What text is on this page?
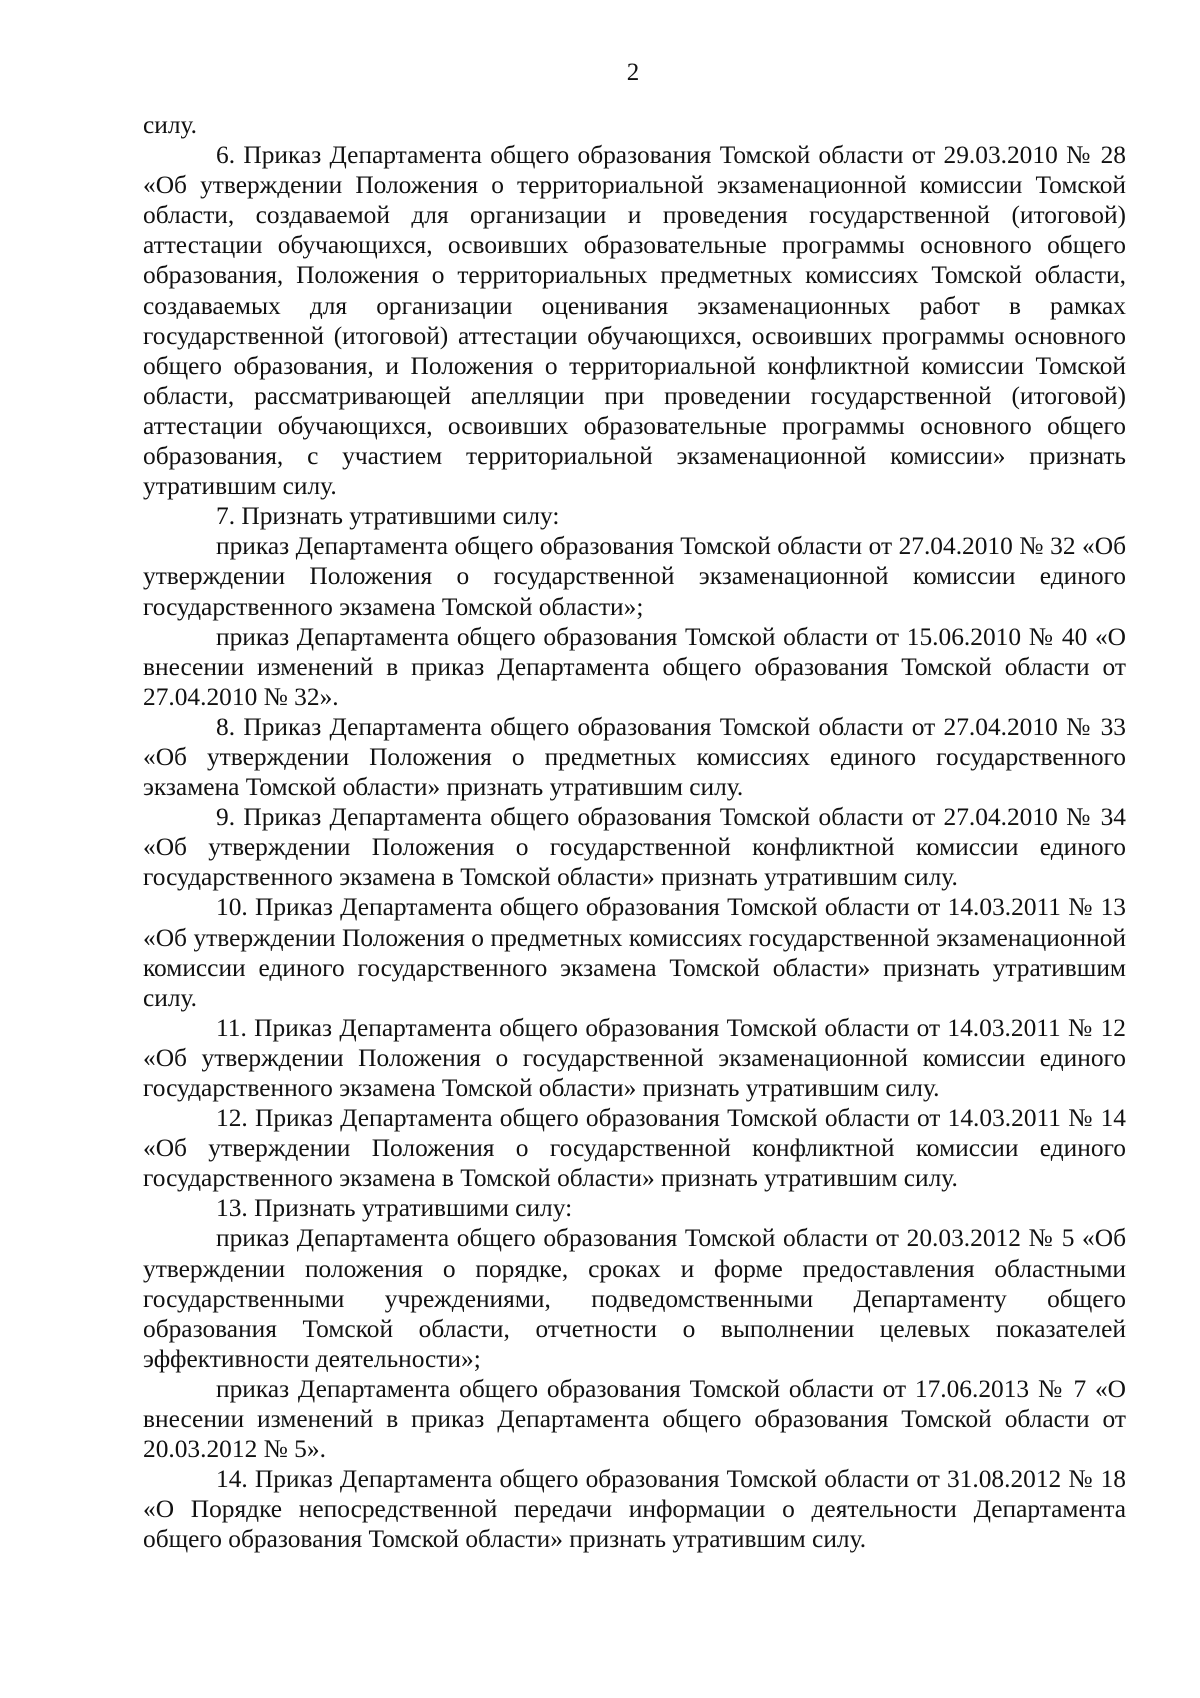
2

силу.

6. Приказ Департамента общего образования Томской области от 29.03.2010 № 28 «Об утверждении Положения о территориальной экзаменационной комиссии Томской области, создаваемой для организации и проведения государственной (итоговой) аттестации обучающихся, освоивших образовательные программы основного общего образования, Положения о территориальных предметных комиссиях Томской области, создаваемых для организации оценивания экзаменационных работ в рамках государственной (итоговой) аттестации обучающихся, освоивших программы основного общего образования, и Положения о территориальной конфликтной комиссии Томской области, рассматривающей апелляции при проведении государственной (итоговой) аттестации обучающихся, освоивших образовательные программы основного общего образования, с участием территориальной экзаменационной комиссии» признать утратившим силу.

7. Признать утратившими силу:

приказ Департамента общего образования Томской области от 27.04.2010 № 32 «Об утверждении Положения о государственной экзаменационной комиссии единого государственного экзамена Томской области»;

приказ Департамента общего образования Томской области от 15.06.2010 № 40 «О внесении изменений в приказ Департамента общего образования Томской области от 27.04.2010 № 32».

8. Приказ Департамента общего образования Томской области от 27.04.2010 № 33 «Об утверждении Положения о предметных комиссиях единого государственного экзамена Томской области» признать утратившим силу.

9. Приказ Департамента общего образования Томской области от 27.04.2010 № 34 «Об утверждении Положения о государственной конфликтной комиссии единого государственного экзамена в Томской области» признать утратившим силу.

10. Приказ Департамента общего образования Томской области от 14.03.2011 № 13 «Об утверждении Положения о предметных комиссиях государственной экзаменационной комиссии единого государственного экзамена Томской области» признать утратившим силу.

11. Приказ Департамента общего образования Томской области от 14.03.2011 № 12 «Об утверждении Положения о государственной экзаменационной комиссии единого государственного экзамена Томской области» признать утратившим силу.

12. Приказ Департамента общего образования Томской области от 14.03.2011 № 14 «Об утверждении Положения о государственной конфликтной комиссии единого государственного экзамена в Томской области» признать утратившим силу.

13. Признать утратившими силу:

приказ Департамента общего образования Томской области от 20.03.2012 № 5 «Об утверждении положения о порядке, сроках и форме предоставления областными государственными учреждениями, подведомственными Департаменту общего образования Томской области, отчетности о выполнении целевых показателей эффективности деятельности»;

приказ Департамента общего образования Томской области от 17.06.2013 № 7 «О внесении изменений в приказ Департамента общего образования Томской области от 20.03.2012 № 5».

14. Приказ Департамента общего образования Томской области от 31.08.2012 № 18 «О Порядке непосредственной передачи информации о деятельности Департамента общего образования Томской области» признать утратившим силу.
